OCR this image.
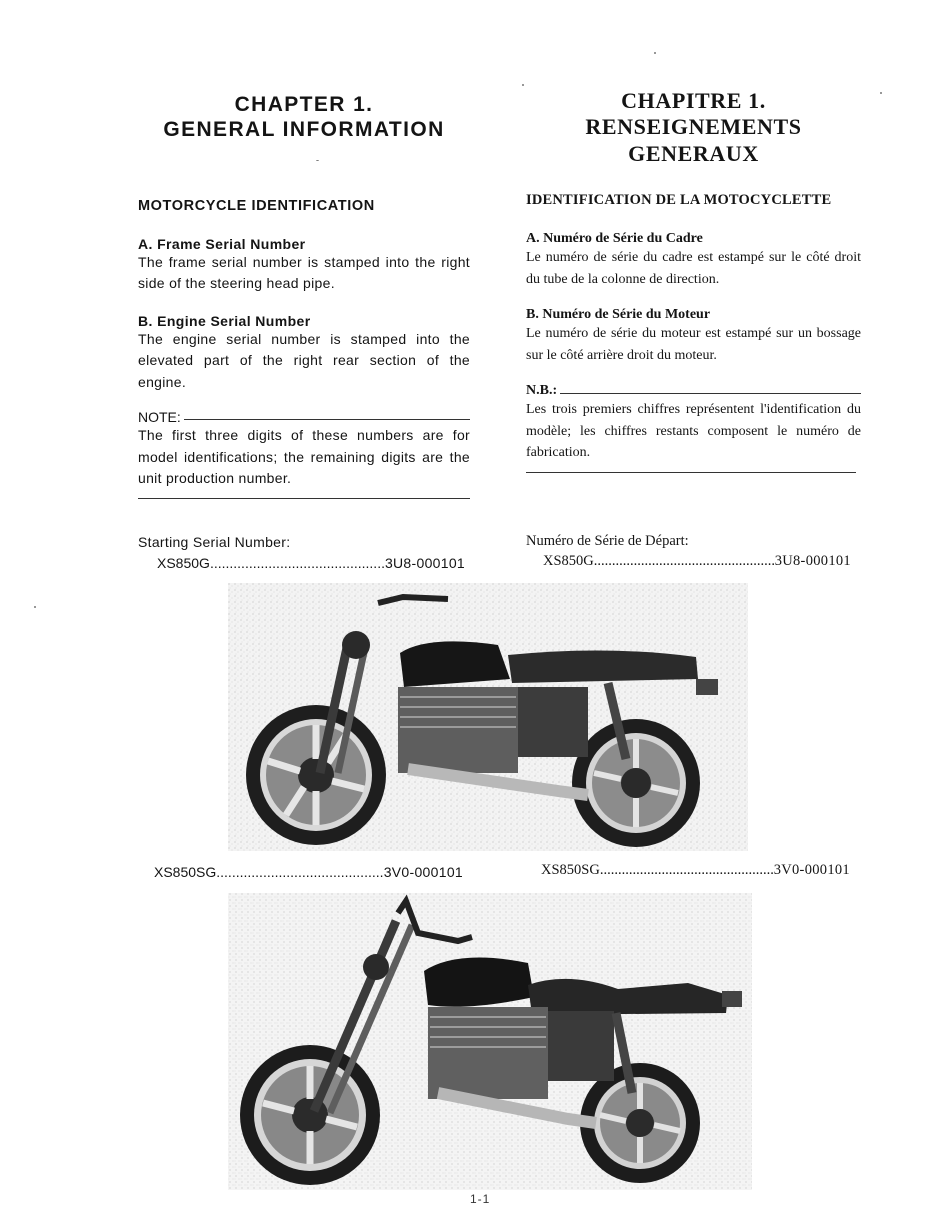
CHAPTER 1.
GENERAL INFORMATION
MOTORCYCLE IDENTIFICATION
A. Frame Serial Number

The frame serial number is stamped into the right side of the steering head pipe.

B. Engine Serial Number

The engine serial number is stamped into the elevated part of the right rear section of the engine.

NOTE:

The first three digits of these numbers are for model identifications; the remaining digits are the unit production number.

CHAPITRE 1.
RENSEIGNEMENTS
GENERAUX
IDENTIFICATION DE LA MOTOCYCLETTE
A. Numéro de Série du Cadre

Le numéro de série du cadre est estampé sur le côté droit du tube de la colonne de direction.

B. Numéro de Série du Moteur

Le numéro de série du moteur est estampé sur un bossage sur le côté arrière droit du moteur.

N.B.:

Les trois premiers chiffres représentent l'identification du modèle; les chiffres restants composent le numéro de fabrication.

Starting Serial Number:
XS850G .....	3U8-000101
Numéro de Série de Départ:
XS850G .....	3U8-000101
XS850SG .....	3V0-000101	XS850SG .....	3V0-000101
1-1
